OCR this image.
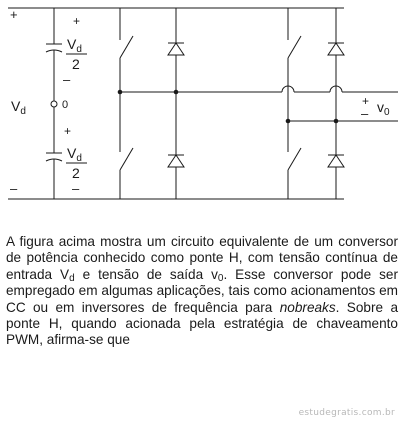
+	+
$V_d$
2
–
$V_d$
0
+
$V_d$
2
–
–
+ $v_0$
–

A figura acima mostra um circuito equivalente de um conversor de potência conhecido como ponte H, com tensão contínua de entrada $V_d$ e tensão de saída $v_0$. Esse conversor pode ser empregado em algumas aplicações, tais como acionamentos em CC ou em inversores de frequência para nobreaks. Sobre a ponte H, quando acionada pela estratégia de chaveamento PWM, afirma-se que

estudegratis.com.br
